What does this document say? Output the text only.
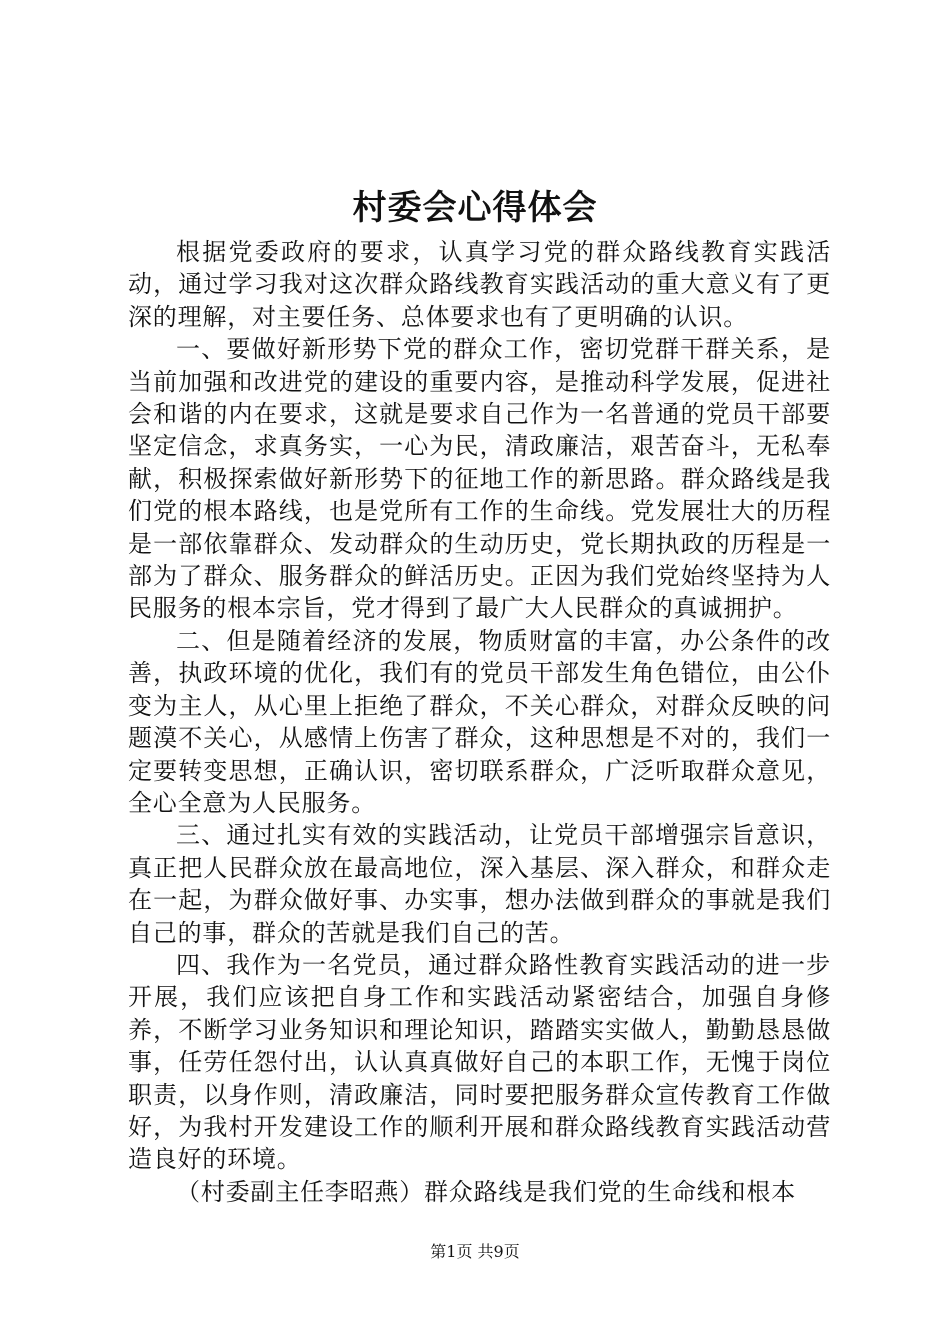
村委会心得体会

根据党委政府的要求，认真学习党的群众路线教育实践活动，通过学习我对这次群众路线教育实践活动的重大意义有了更深的理解，对主要任务、总体要求也有了更明确的认识。

一、要做好新形势下党的群众工作，密切党群干群关系，是当前加强和改进党的建设的重要内容，是推动科学发展，促进社会和谐的内在要求，这就是要求自己作为一名普通的党员干部要坚定信念，求真务实，一心为民，清政廉洁，艰苦奋斗，无私奉献，积极探索做好新形势下的征地工作的新思路。群众路线是我们党的根本路线，也是党所有工作的生命线。党发展壮大的历程是一部依靠群众、发动群众的生动历史，党长期执政的历程是一部为了群众、服务群众的鲜活历史。正因为我们党始终坚持为人民服务的根本宗旨，党才得到了最广大人民群众的真诚拥护。

二、但是随着经济的发展，物质财富的丰富，办公条件的改善，执政环境的优化，我们有的党员干部发生角色错位，由公仆变为主人，从心里上拒绝了群众，不关心群众，对群众反映的问题漠不关心，从感情上伤害了群众，这种思想是不对的，我们一定要转变思想，正确认识，密切联系群众，广泛听取群众意见，全心全意为人民服务。

三、通过扎实有效的实践活动，让党员干部增强宗旨意识，真正把人民群众放在最高地位，深入基层、深入群众，和群众走在一起，为群众做好事、办实事，想办法做到群众的事就是我们自己的事，群众的苦就是我们自己的苦。

四、我作为一名党员，通过群众路性教育实践活动的进一步开展，我们应该把自身工作和实践活动紧密结合，加强自身修养，不断学习业务知识和理论知识，踏踏实实做人，勤勤恳恳做事，任劳任怨付出，认认真真做好自己的本职工作，无愧于岗位职责，以身作则，清政廉洁，同时要把服务群众宣传教育工作做好，为我村开发建设工作的顺利开展和群众路线教育实践活动营造良好的环境。

（村委副主任李昭燕）群众路线是我们党的生命线和根本

第1页 共9页
